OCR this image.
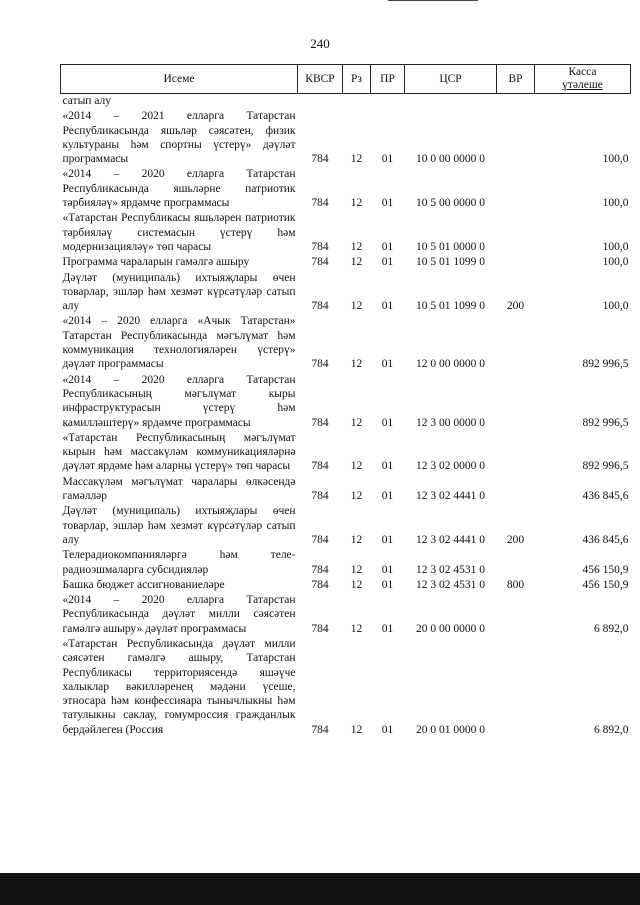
240
Исеме	КВСР	Рз	ПР	ЦСР	ВР	Касса
үтәлеше
сатып алу						
«2014 – 2021 елларга Татарстан Республикасында яшьләр сәясәтен, физик культураны һәм спортны үстерү» дәүләт программасы	784	12	01	10 0 00 0000 0		100,0
«2014 – 2020 елларга Татарстан Республикасында яшьләрне патриотик тәрбияләү» ярдәмче программасы	784	12	01	10 5 00 0000 0		100,0
«Татарстан Республикасы яшьләрен патриотик тәрбияләү системасын үстерү һәм модернизацияләү» төп чарасы	784	12	01	10 5 01 0000 0		100,0
Программа чараларын гамәлгә ашыру	784	12	01	10 5 01 1099 0		100,0
Дәүләт (муниципаль) ихтыяҗлары өчен товарлар, эшләр һәм хезмәт күрсәтүләр сатып алу	784	12	01	10 5 01 1099 0	200	100,0
«2014 – 2020 елларга «Ачык Татарстан» Татарстан Республикасында мәгълүмат һәм коммуникация технологияләрен үстерү» дәүләт программасы	784	12	01	12 0 00 0000 0		892 996,5
«2014 – 2020 елларга Татарстан Республикасының мәгълүмат кыры инфраструктурасын үстерү һәм камилләштерү» ярдәмче программасы	784	12	01	12 3 00 0000 0		892 996,5
«Татарстан Республикасының мәгълүмат кырын һәм массакүләм коммуникацияләрнә дәүләт ярдәме һәм аларны үстерү» төп чарасы	784	12	01	12 3 02 0000 0		892 996,5
Массакүләм мәгълүмат чаралары өлкәсендә гамәлләр	784	12	01	12 3 02 4441 0		436 845,6
Дәүләт (муниципаль) ихтыяҗлары өчен товарлар, эшләр һәм хезмәт күрсәтүләр сатып алу	784	12	01	12 3 02 4441 0	200	436 845,6
Телерадиокомпанияләргә һәм теле-радиоэшмаларга субсидияләр	784	12	01	12 3 02 4531 0		456 150,9
Башка бюджет ассигнованиеләре	784	12	01	12 3 02 4531 0	800	456 150,9
«2014 – 2020 елларга Татарстан Республикасында дәүләт милли сәясәтен гамәлгә ашыру» дәүләт программасы	784	12	01	20 0 00 0000 0		6 892,0
«Татарстан Республикасында дәүләт милли сәясәтен гамәлгә ашыру, Татарстан Республикасы территориясендә яшәүче халыклар вәкилләренең мәдәни үсеше, этносара һәм конфессияара тынычлыкны һәм татулыкны саклау, гомумроссия гражданлык бердәйлеген (Россия	784	12	01	20 0 01 0000 0		6 892,0
